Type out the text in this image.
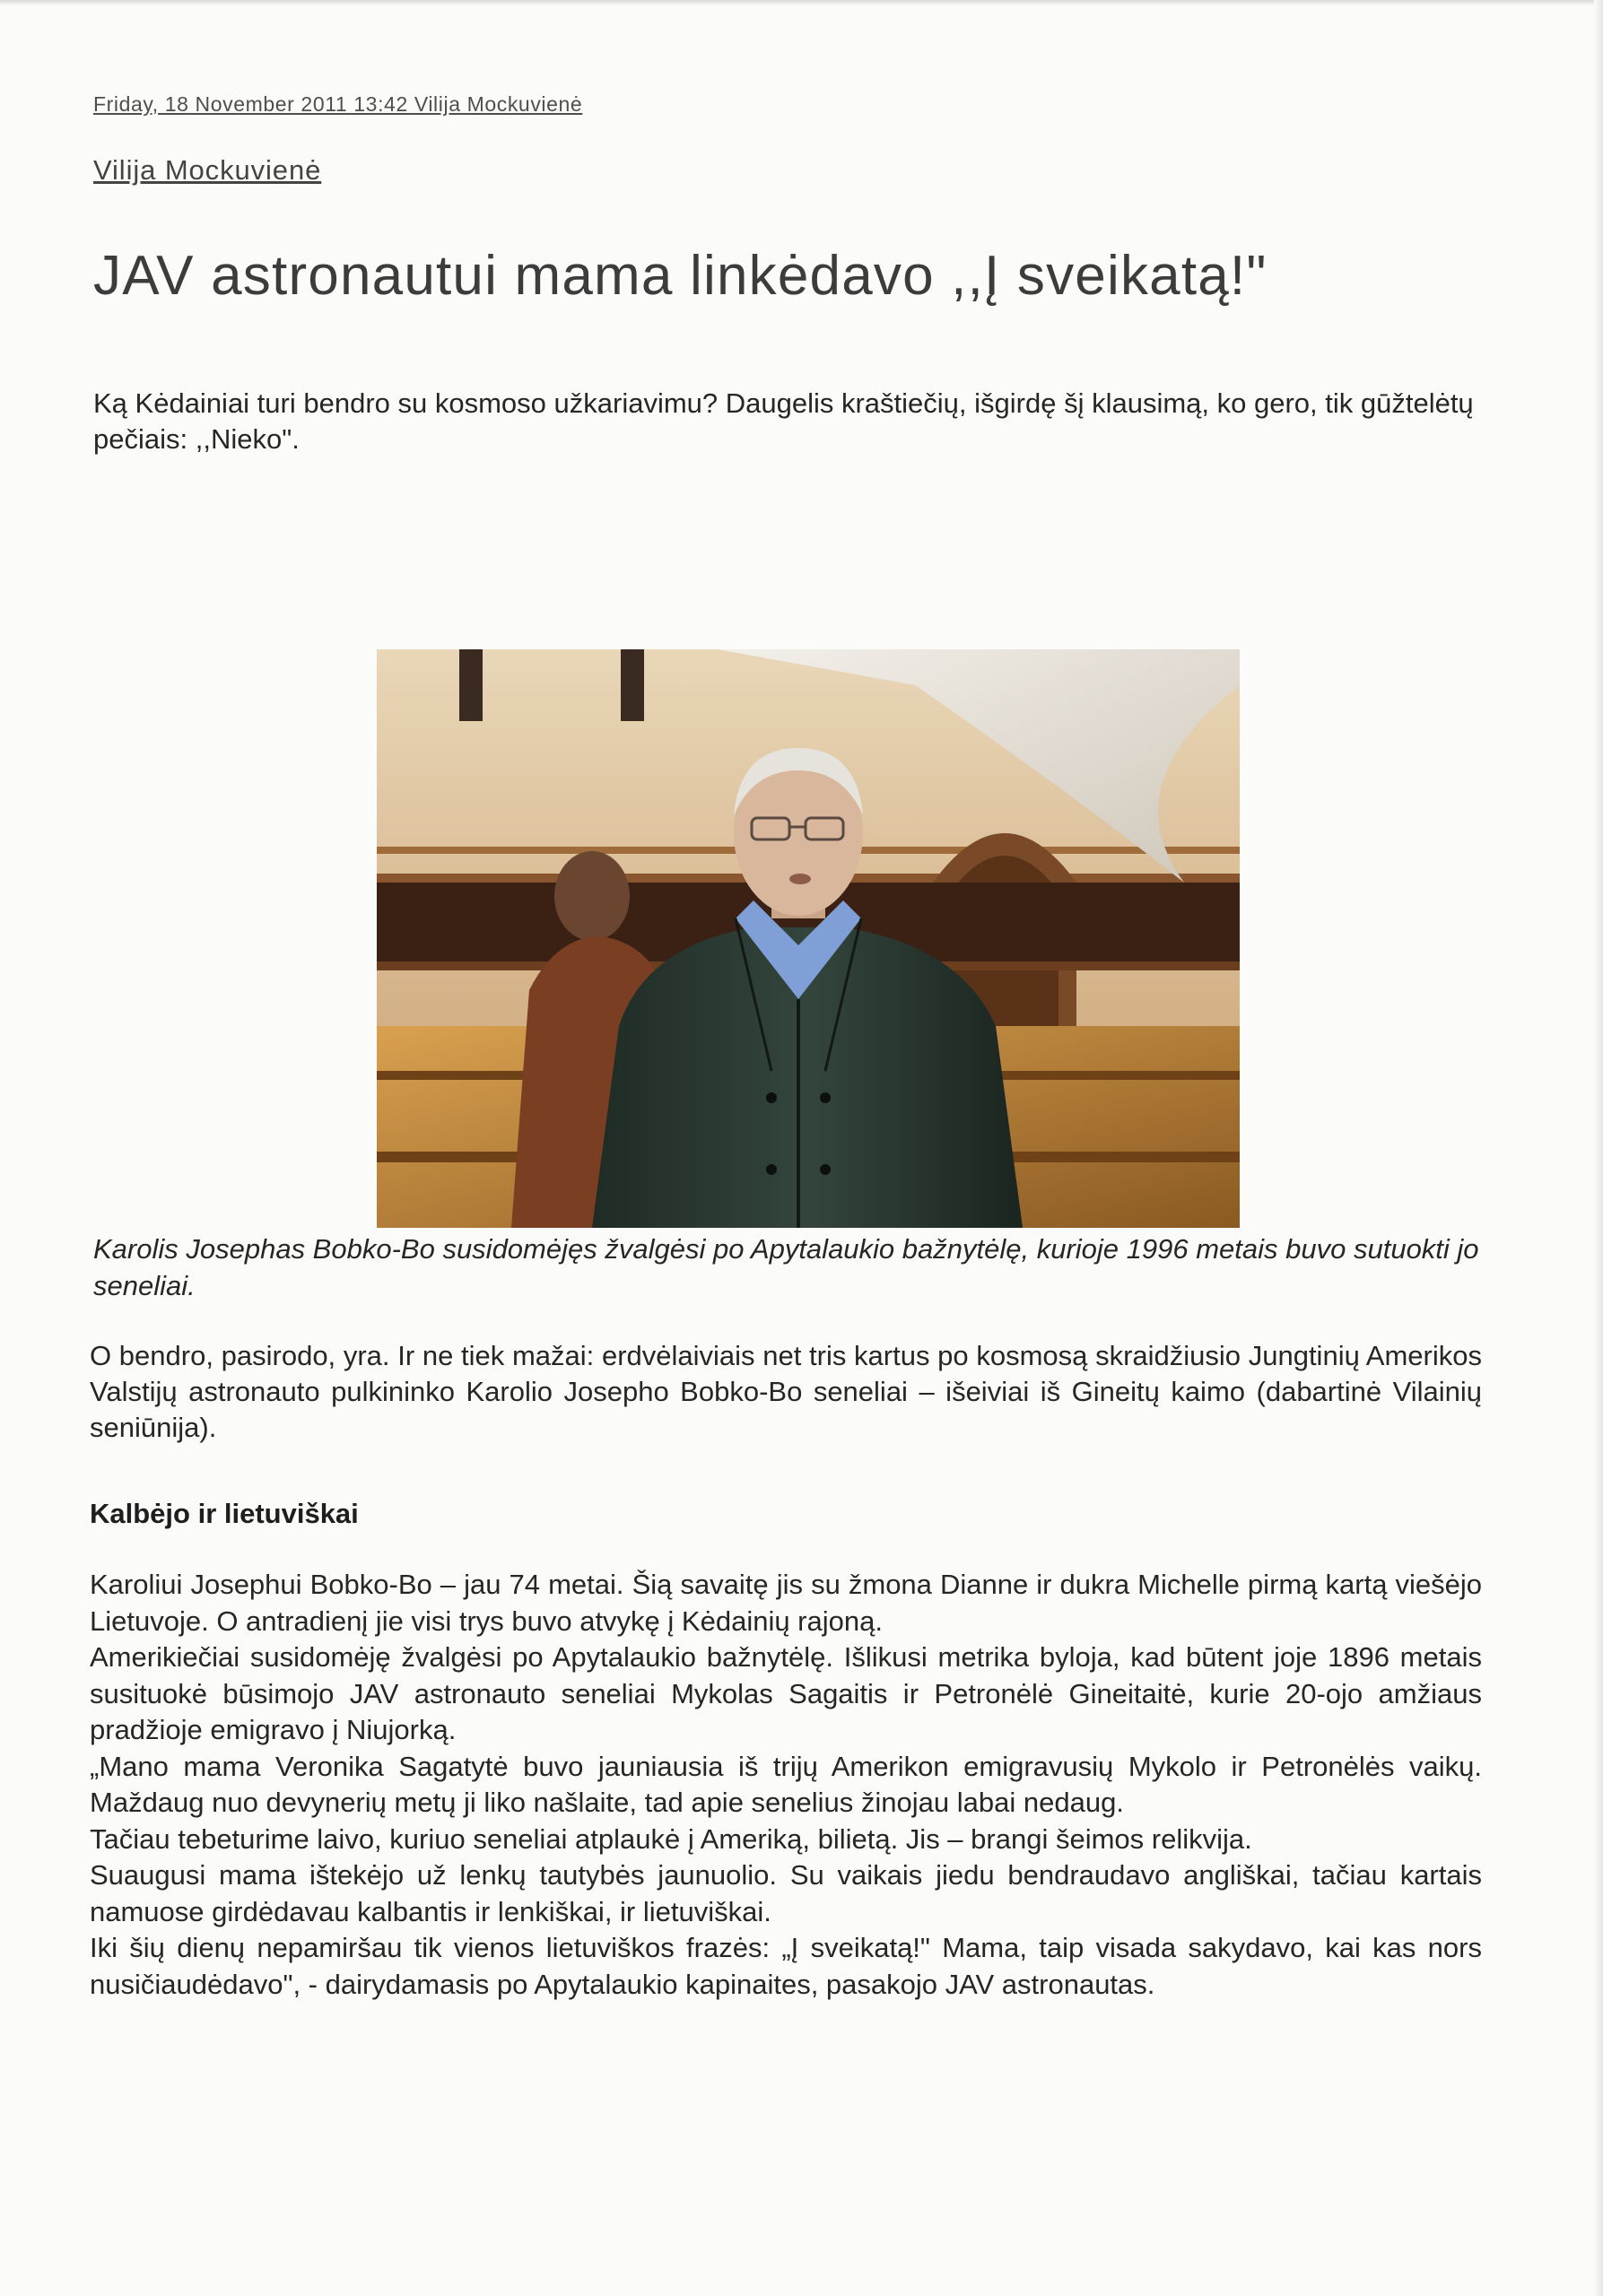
Friday, 18 November 2011 13:42 Vilija Mockuvienė
Vilija Mockuvienė
JAV astronautui mama linkėdavo ,,Į sveikatą!"

Ką Kėdainiai turi bendro su kosmoso užkariavimu? Daugelis kraštiečių, išgirdę šį klausimą, ko gero, tik gūžtelėtų pečiais: ,,Nieko".

Karolis Josephas Bobko-Bo susidomėjęs žvalgėsi po Apytalaukio bažnytėlę, kurioje 1996 metais buvo sutuokti jo seneliai.

O bendro, pasirodo, yra. Ir ne tiek mažai: erdvėlaiviais net tris kartus po kosmosą skraidžiusio Jungtinių Amerikos Valstijų astronauto pulkininko Karolio Josepho Bobko-Bo seneliai – išeiviai iš Gineitų kaimo (dabartinė Vilainių seniūnija).

Kalbėjo ir lietuviškai

Karoliui Josephui Bobko-Bo – jau 74 metai. Šią savaitę jis su žmona Dianne ir dukra Michelle pirmą kartą viešėjo Lietuvoje. O antradienį jie visi trys buvo atvykę į Kėdainių rajoną.

Amerikiečiai susidomėję žvalgėsi po Apytalaukio bažnytėlę. Išlikusi metrika byloja, kad būtent joje 1896 metais susituokė būsimojo JAV astronauto seneliai Mykolas Sagaitis ir Petronėlė Gineitaitė, kurie 20-ojo amžiaus pradžioje emigravo į Niujorką.

„Mano mama Veronika Sagatytė buvo jauniausia iš trijų Amerikon emigravusių Mykolo ir Petronėlės vaikų. Maždaug nuo devynerių metų ji liko našlaite, tad apie senelius žinojau labai nedaug.

Tačiau tebeturime laivo, kuriuo seneliai atplaukė į Ameriką, bilietą. Jis – brangi šeimos relikvija.

Suaugusi mama ištekėjo už lenkų tautybės jaunuolio. Su vaikais jiedu bendraudavo angliškai, tačiau kartais namuose girdėdavau kalbantis ir lenkiškai, ir lietuviškai.

Iki šių dienų nepamiršau tik vienos lietuviškos frazės: „Į sveikatą!" Mama, taip visada sakydavo, kai kas nors nusičiaudėdavo", - dairydamasis po Apytalaukio kapinaites, pasakojo JAV astronautas.
